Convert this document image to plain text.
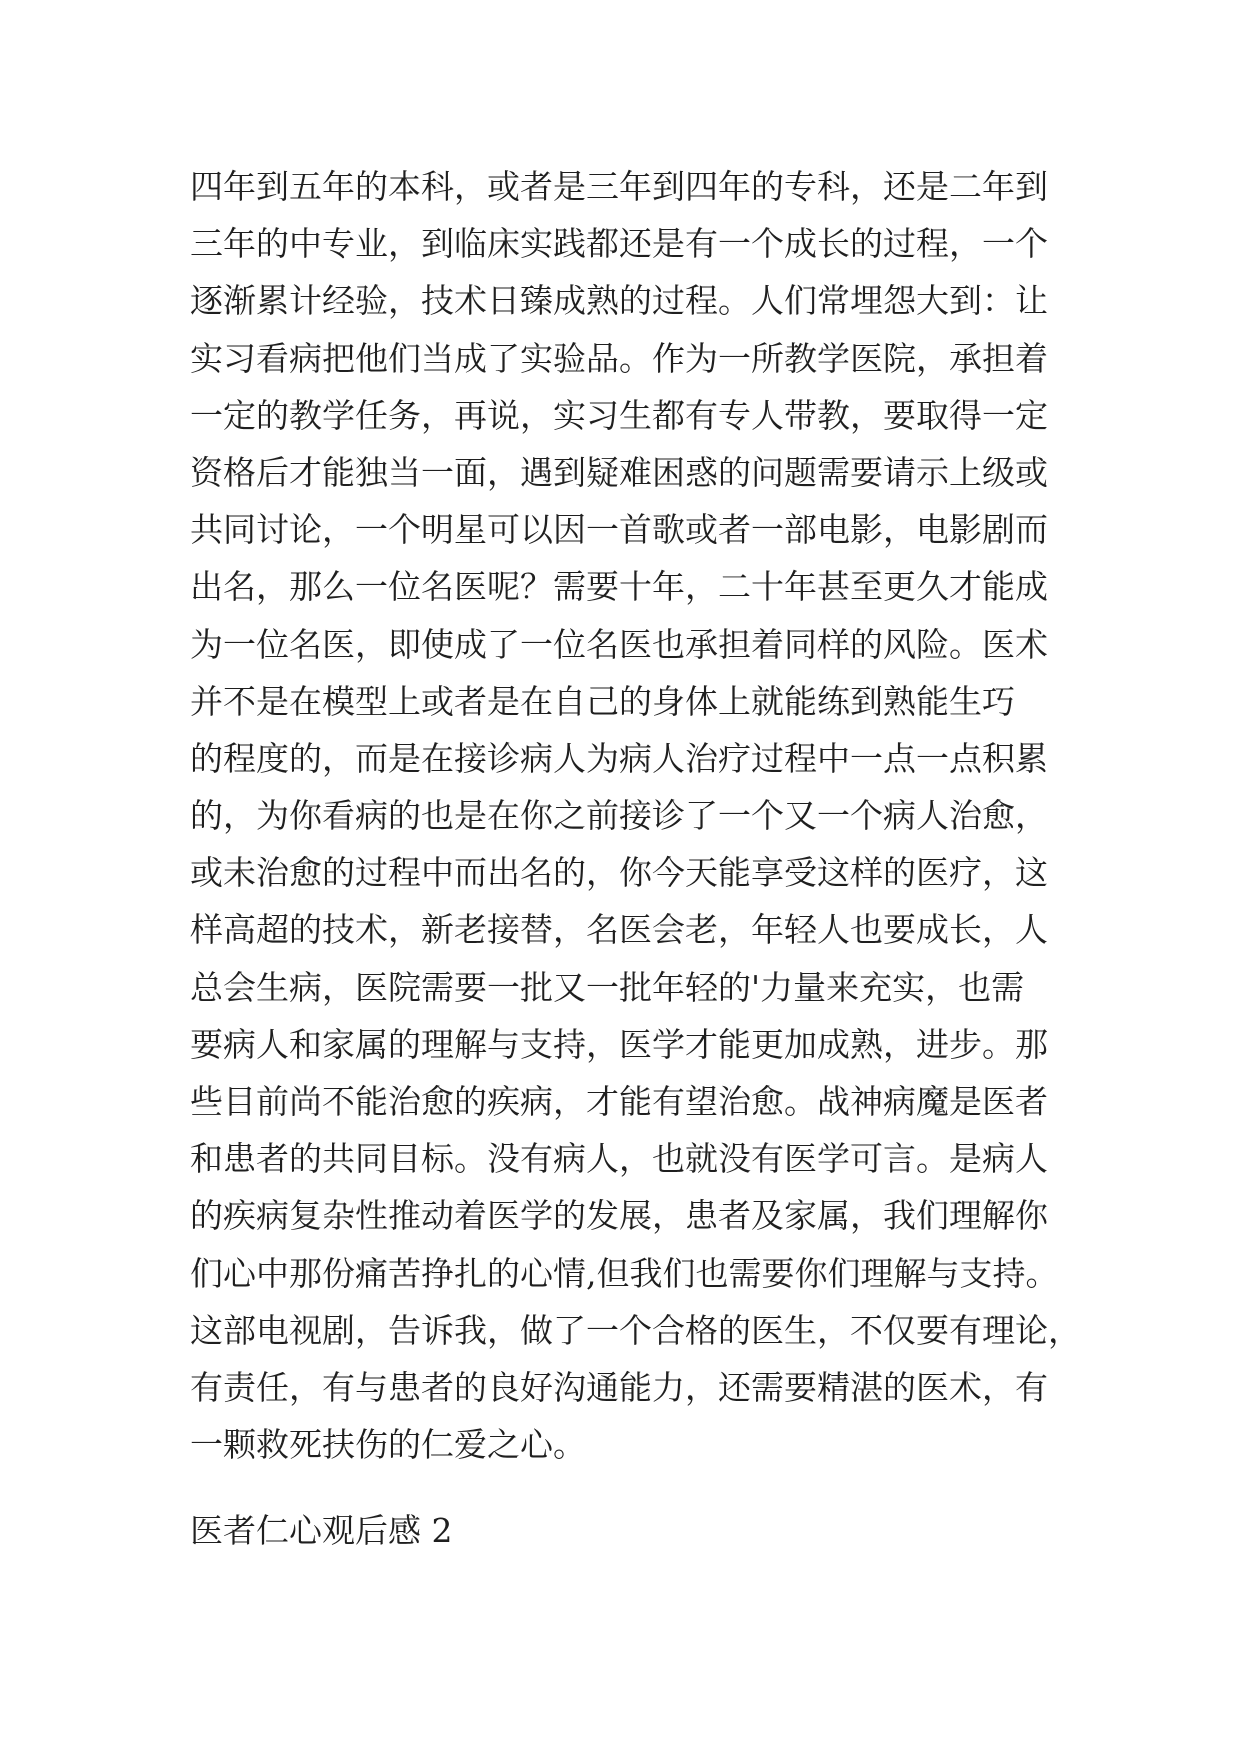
四年到五年的本科，或者是三年到四年的专科，还是二年到
三年的中专业，到临床实践都还是有一个成长的过程，一个
逐渐累计经验，技术日臻成熟的过程。人们常埋怨大到：让
实习看病把他们当成了实验品。作为一所教学医院，承担着
一定的教学任务，再说，实习生都有专人带教，要取得一定
资格后才能独当一面，遇到疑难困惑的问题需要请示上级或
共同讨论，一个明星可以因一首歌或者一部电影，电影剧而
出名，那么一位名医呢？需要十年，二十年甚至更久才能成
为一位名医，即使成了一位名医也承担着同样的风险。医术
并不是在模型上或者是在自己的身体上就能练到熟能生巧
的程度的，而是在接诊病人为病人治疗过程中一点一点积累
的，为你看病的也是在你之前接诊了一个又一个病人治愈，
或未治愈的过程中而出名的，你今天能享受这样的医疗，这
样高超的技术，新老接替，名医会老，年轻人也要成长，人
总会生病，医院需要一批又一批年轻的'力量来充实，也需
要病人和家属的理解与支持，医学才能更加成熟，进步。那
些目前尚不能治愈的疾病，才能有望治愈。战神病魔是医者
和患者的共同目标。没有病人，也就没有医学可言。是病人
的疾病复杂性推动着医学的发展，患者及家属，我们理解你
们心中那份痛苦挣扎的心情,但我们也需要你们理解与支持。
这部电视剧，告诉我，做了一个合格的医生，不仅要有理论，
有责任，有与患者的良好沟通能力，还需要精湛的医术，有
一颗救死扶伤的仁爱之心。
医者仁心观后感 2
